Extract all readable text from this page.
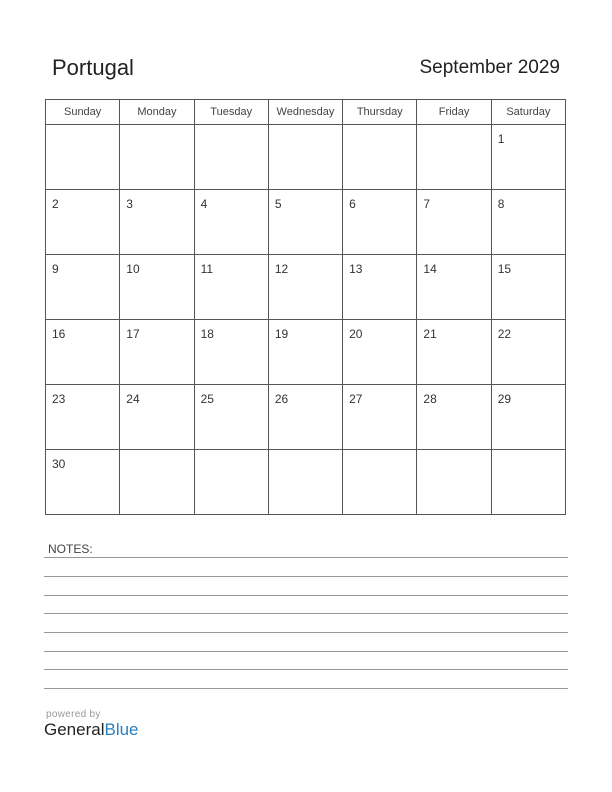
Portugal	September 2029
Sunday	Monday	Tuesday	Wednesday	Thursday	Friday	Saturday

						1

2	3	4	5	6	7	8

9	10	11	12	13	14	15

16	17	18	19	20	21	22

23	24	25	26	27	28	29

30						

NOTES:
powered by
GeneralBlue
